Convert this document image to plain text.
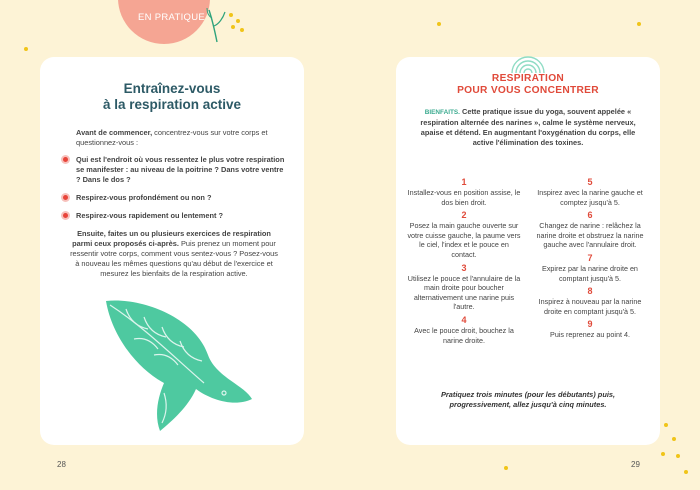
EN PRATIQUE
Entraînez-vous
à la respiration active
Avant de commencer, concentrez-vous sur votre corps et questionnez-vous :
Qui est l'endroit où vous ressentez le plus votre respiration se manifester : au niveau de la poitrine ? Dans votre ventre ? Dans le dos ?
Respirez-vous profondément ou non ?
Respirez-vous rapidement ou lentement ?
Ensuite, faites un ou plusieurs exercices de respiration parmi ceux proposés ci-après. Puis prenez un moment pour ressentir votre corps, comment vous sentez-vous ? Posez-vous à nouveau les mêmes questions qu'au début de l'exercice et mesurez les bienfaits de la respiration active.
RESPIRATION
POUR VOUS CONCENTRER
BIENFAITS. Cette pratique issue du yoga, souvent appelée « respiration alternée des narines », calme le système nerveux, apaise et détend. En augmentant l'oxygénation du corps, elle active l'élimination des toxines.
1
Installez-vous en position assise, le dos bien droit.
2
Posez la main gauche ouverte sur votre cuisse gauche, la paume vers le ciel, l'index et le pouce en contact.
3
Utilisez le pouce et l'annulaire de la main droite pour boucher alternativement une narine puis l'autre.
4
Avec le pouce droit, bouchez la narine droite.
5
Inspirez avec la narine gauche et comptez jusqu'à 5.
6
Changez de narine : relâchez la narine droite et obstruez la narine gauche avec l'annulaire droit.
7
Expirez par la narine droite en comptant jusqu'à 5.
8
Inspirez à nouveau par la narine droite en comptant jusqu'à 5.
9
Puis reprenez au point 4.
Pratiquez trois minutes (pour les débutants) puis, progressivement, allez jusqu'à cinq minutes.
28	29
